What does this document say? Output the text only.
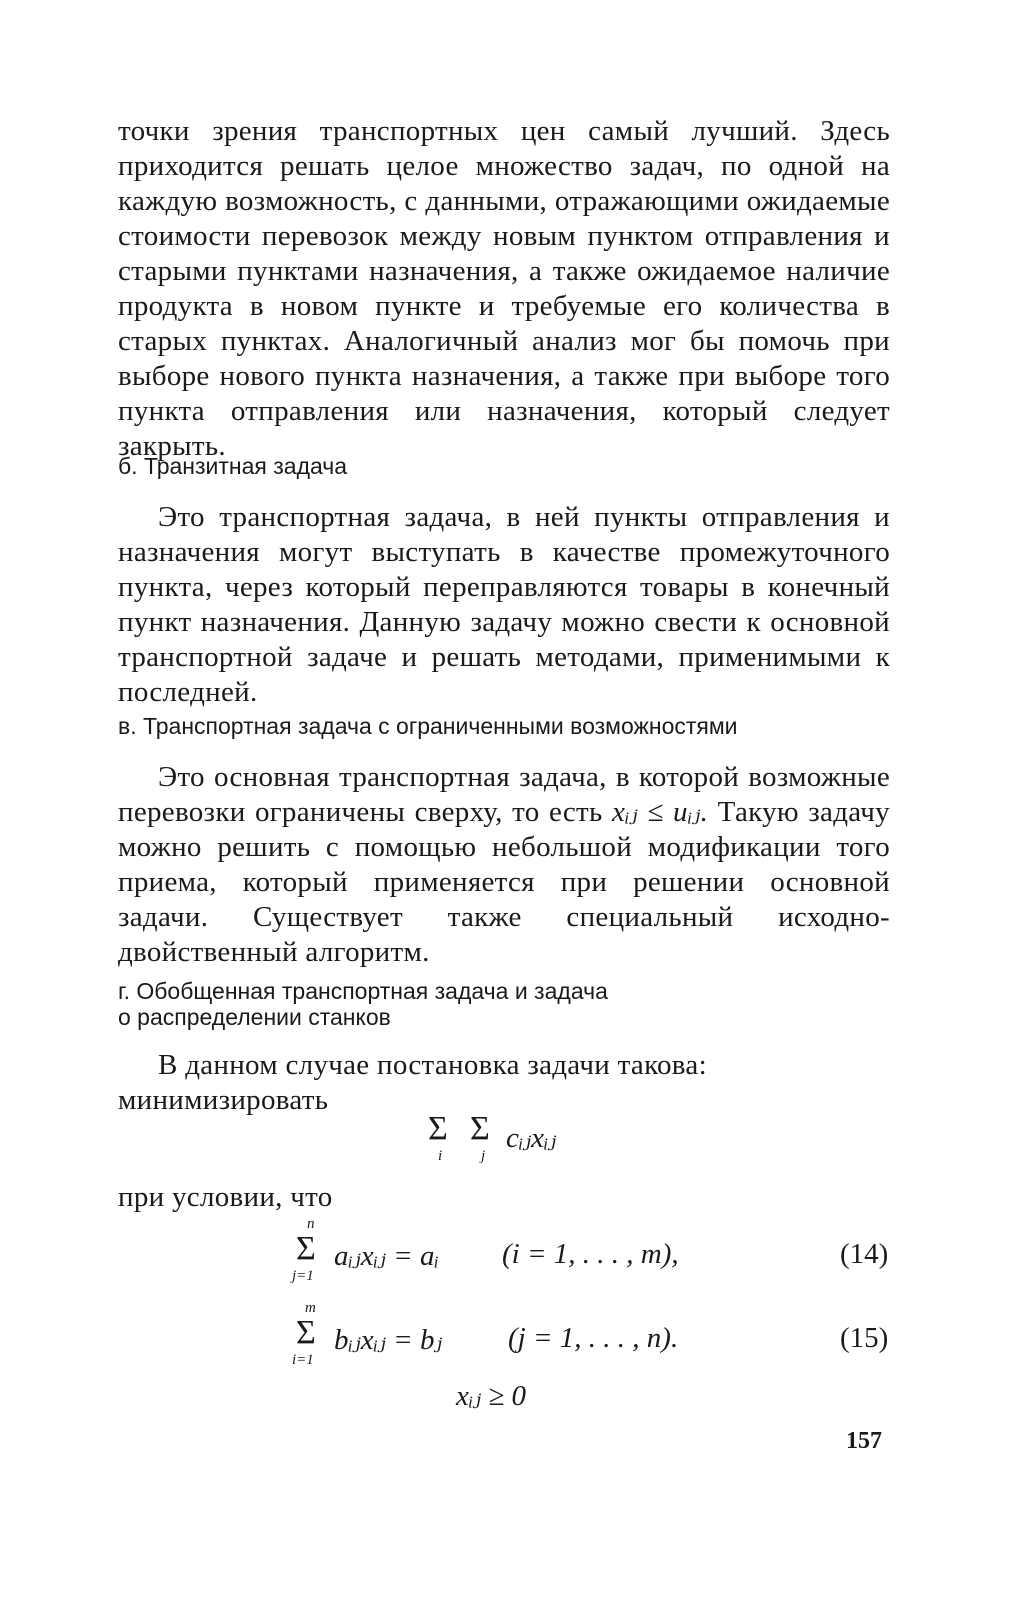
точки зрения транспортных цен самый лучший. Здесь приходится решать целое множество задач, по одной на каждую возможность, с данными, отражающими ожидаемые стоимости перевозок между новым пунктом отправления и старыми пунктами назначения, а также ожидаемое наличие продукта в новом пункте и требуемые его количества в старых пунктах. Аналогичный анализ мог бы помочь при выборе нового пункта назначения, а также при выборе того пункта отправления или назначения, который следует закрыть.

б. Транзитная задача

Это транспортная задача, в ней пункты отправления и назначения могут выступать в качестве промежуточного пункта, через который переправляются товары в конечный пункт назначения. Данную задачу можно свести к основной транспортной задаче и решать методами, применимыми к последней.

в. Транспортная задача с ограниченными возможностями

Это основная транспортная задача, в которой возможные перевозки ограничены сверху, то есть xᵢⱼ ≤ uᵢⱼ. Такую задачу можно решить с помощью небольшой модификации того приема, который применяется при решении основной задачи. Существует также специальный исходно-двойственный алгоритм.

г. Обобщенная транспортная задача и задача
о распределении станков
В данном случае постановка задачи такова:
минимизировать
Σ
i
Σ
j
cᵢⱼxᵢⱼ

при условии, что

n
Σ
j=1
aᵢⱼxᵢⱼ = aᵢ (i = 1, . . . , m),	(14)
m
Σ
i=1
bᵢⱼxᵢⱼ = bⱼ (j = 1, . . . , n).	(15)
xᵢⱼ ≥ 0
157
